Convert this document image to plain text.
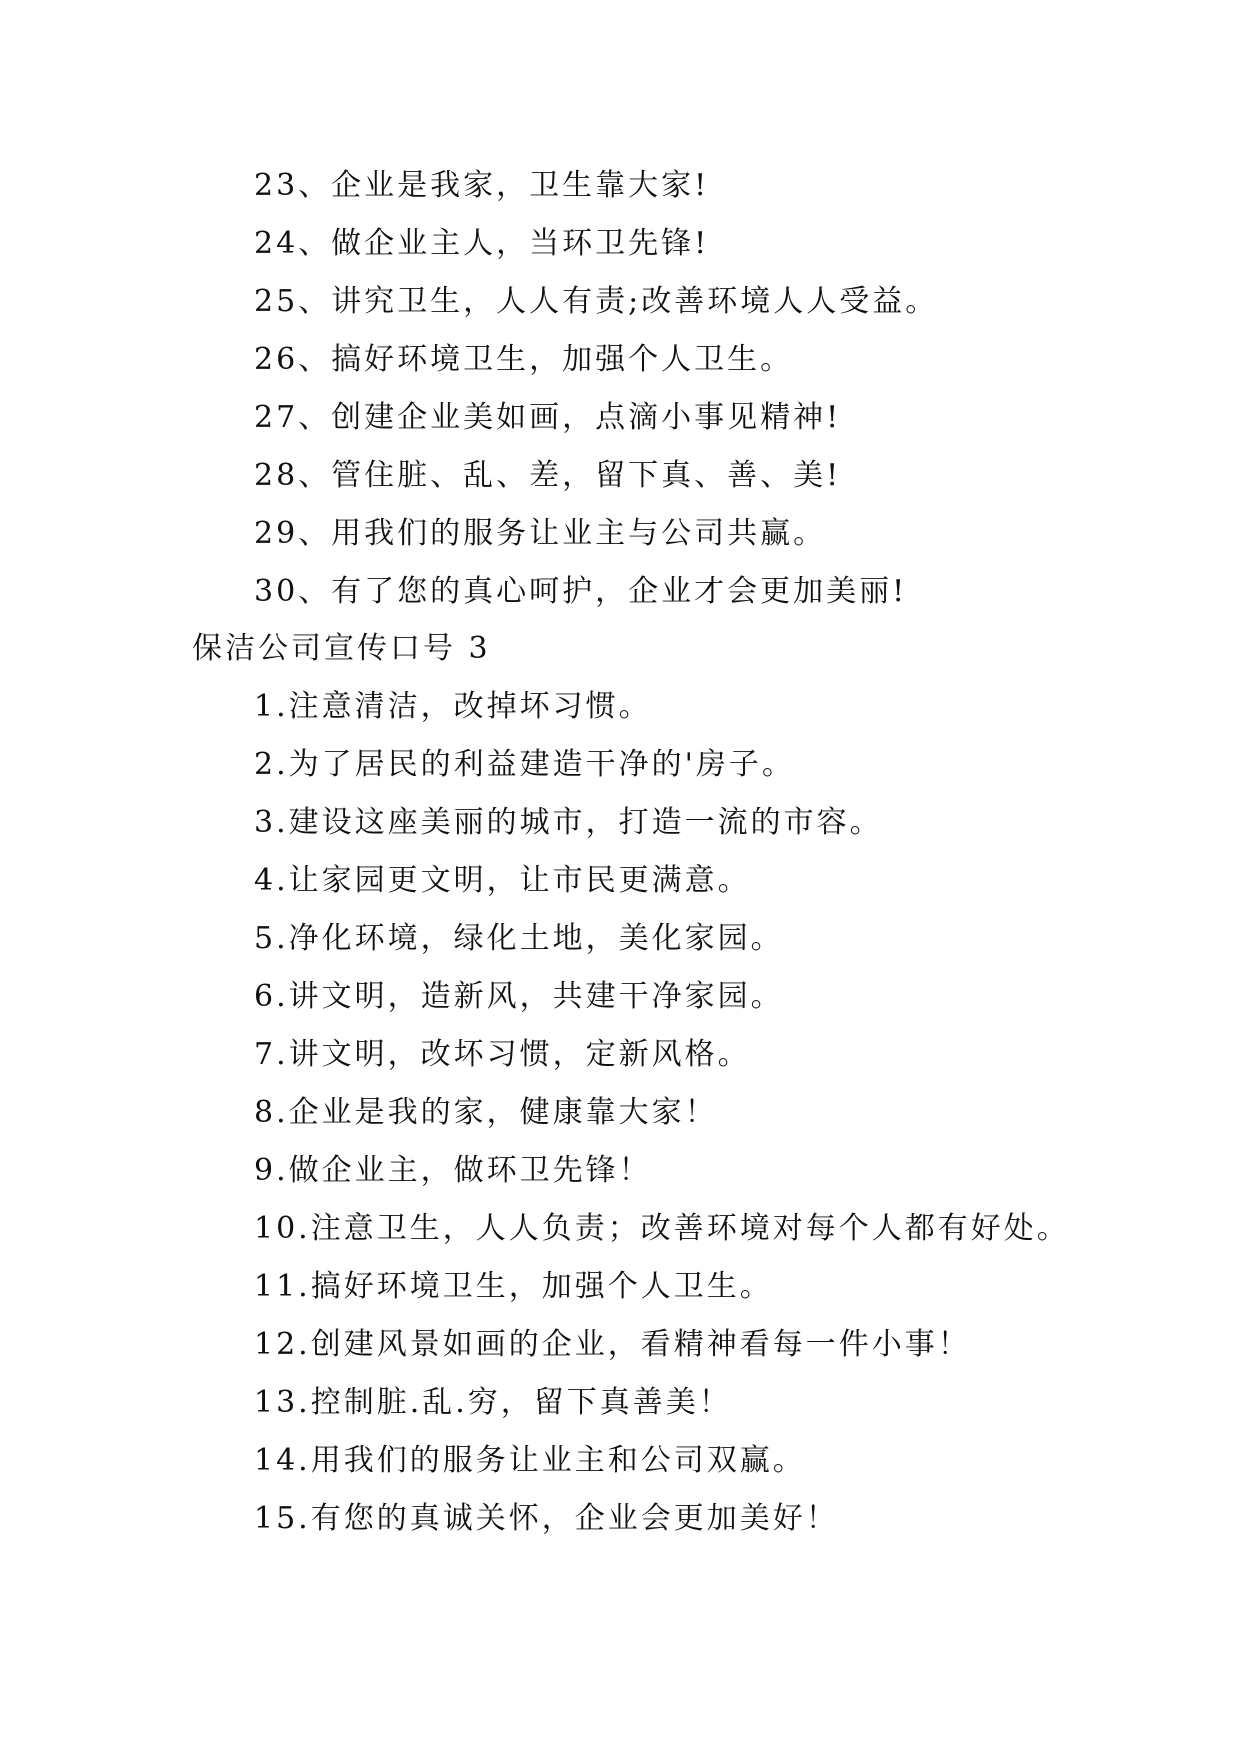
23、企业是我家，卫生靠大家!
24、做企业主人，当环卫先锋!
25、讲究卫生，人人有责;改善环境人人受益。
26、搞好环境卫生，加强个人卫生。
27、创建企业美如画，点滴小事见精神!
28、管住脏、乱、差，留下真、善、美!
29、用我们的服务让业主与公司共赢。
30、有了您的真心呵护，企业才会更加美丽!
保洁公司宣传口号 3
1.注意清洁，改掉坏习惯。
2.为了居民的利益建造干净的'房子。
3.建设这座美丽的城市，打造一流的市容。
4.让家园更文明，让市民更满意。
5.净化环境，绿化土地，美化家园。
6.讲文明，造新风，共建干净家园。
7.讲文明，改坏习惯，定新风格。
8.企业是我的家，健康靠大家！
9.做企业主，做环卫先锋！
10.注意卫生，人人负责；改善环境对每个人都有好处。
11.搞好环境卫生，加强个人卫生。
12.创建风景如画的企业，看精神看每一件小事！
13.控制脏.乱.穷，留下真善美！
14.用我们的服务让业主和公司双赢。
15.有您的真诚关怀，企业会更加美好！
